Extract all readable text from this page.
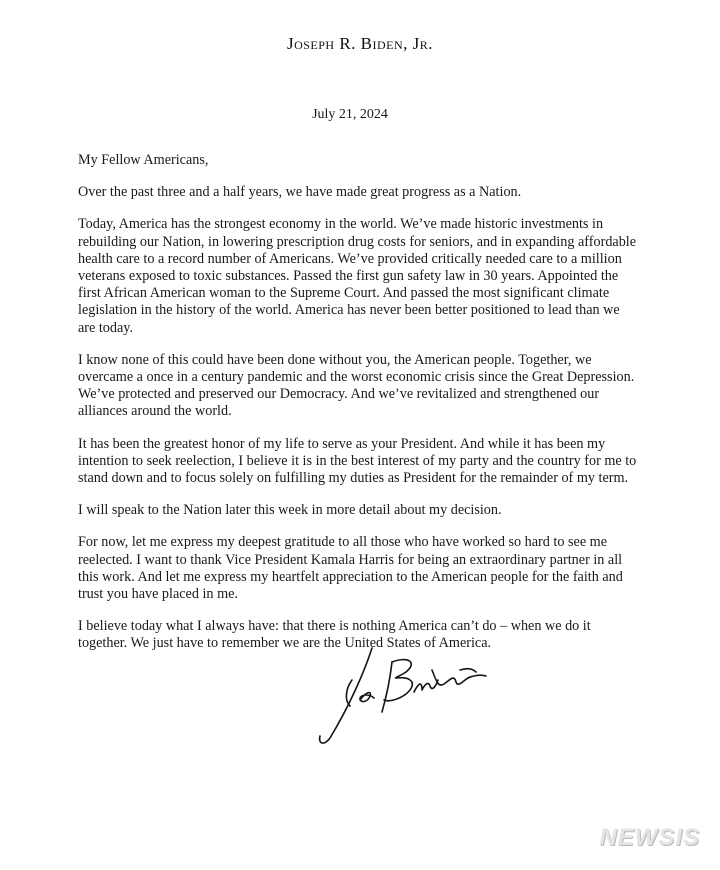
Joseph R. Biden, Jr.
July 21, 2024

My Fellow Americans,

Over the past three and a half years, we have made great progress as a Nation.

Today, America has the strongest economy in the world. We’ve made historic investments in rebuilding our Nation, in lowering prescription drug costs for seniors, and in expanding affordable health care to a record number of Americans. We’ve provided critically needed care to a million veterans exposed to toxic substances. Passed the first gun safety law in 30 years. Appointed the first African American woman to the Supreme Court. And passed the most significant climate legislation in the history of the world. America has never been better positioned to lead than we are today.

I know none of this could have been done without you, the American people. Together, we overcame a once in a century pandemic and the worst economic crisis since the Great Depression. We’ve protected and preserved our Democracy. And we’ve revitalized and strengthened our alliances around the world.

It has been the greatest honor of my life to serve as your President. And while it has been my intention to seek reelection, I believe it is in the best interest of my party and the country for me to stand down and to focus solely on fulfilling my duties as President for the remainder of my term.

I will speak to the Nation later this week in more detail about my decision.

For now, let me express my deepest gratitude to all those who have worked so hard to see me reelected. I want to thank Vice President Kamala Harris for being an extraordinary partner in all this work. And let me express my heartfelt appreciation to the American people for the faith and trust you have placed in me.

I believe today what I always have: that there is nothing America can’t do – when we do it together. We just have to remember we are the United States of America.

NEWSIS
